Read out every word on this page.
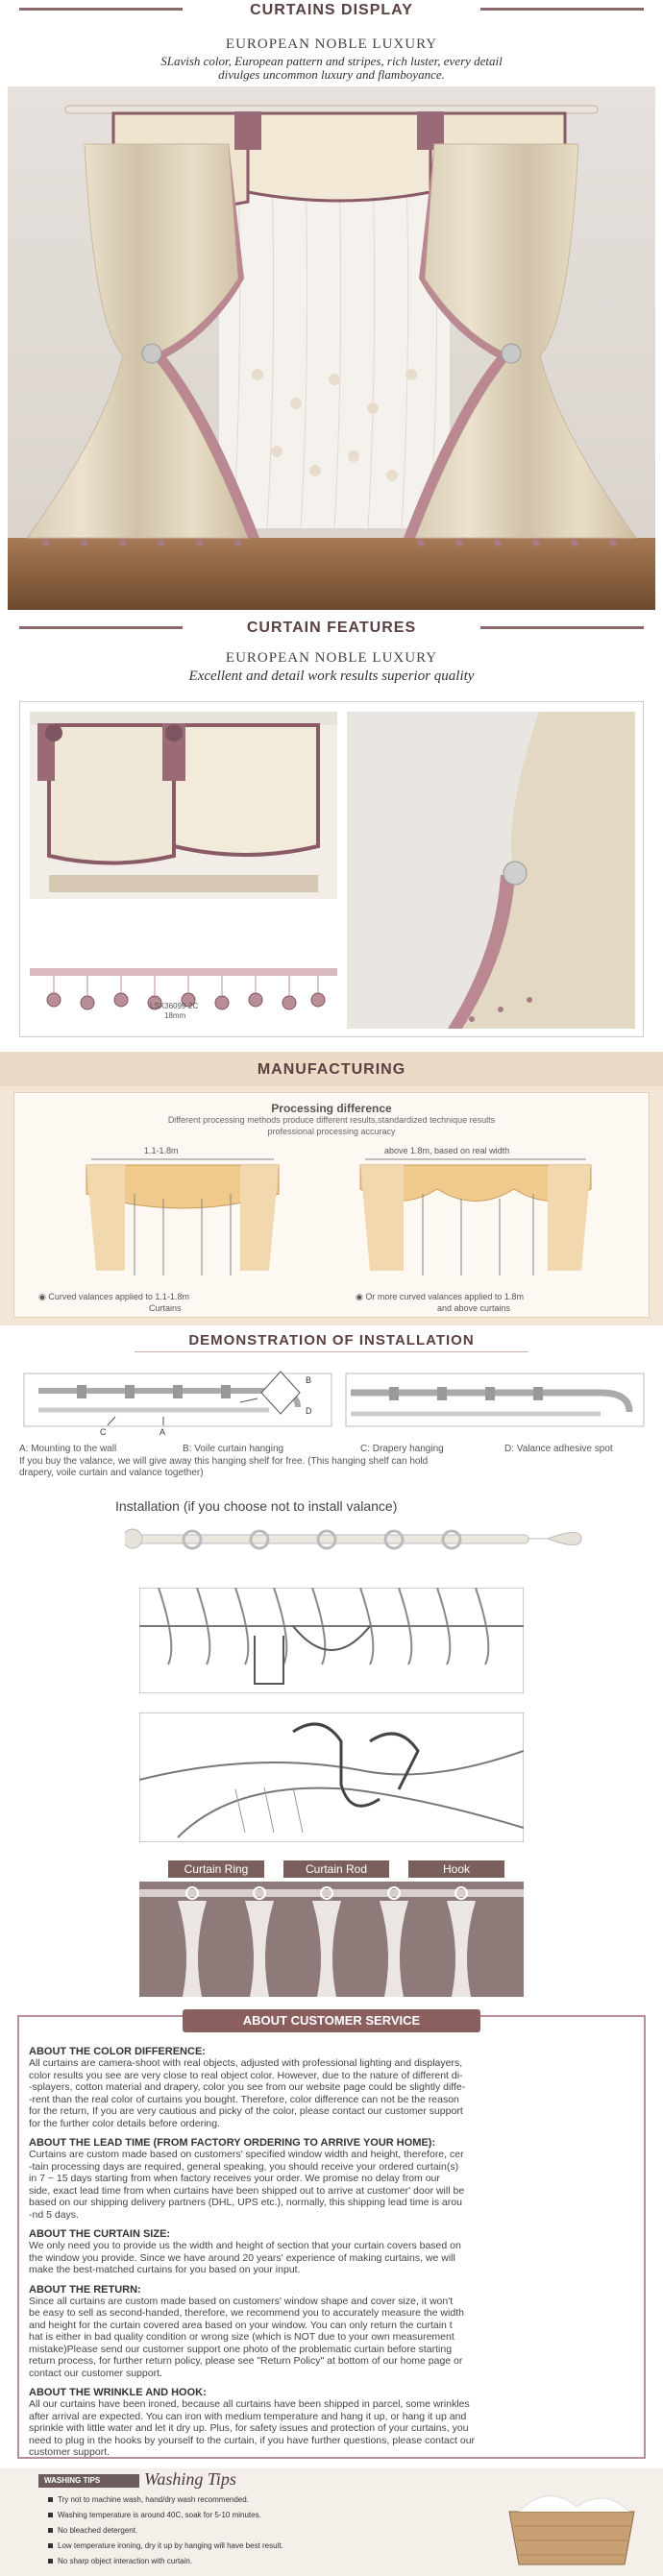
CURTAINS DISPLAY
EUROPEAN NOBLE LUXURY
SLavish color, European pattern and stripes, rich luster, every detail
divulges uncommon luxury and flamboyance.
CURTAIN FEATURES
EUROPEAN NOBLE LUXURY
Excellent and detail work results superior quality
LSX36099-2C
18mm
MANUFACTURING
Processing difference
Different processing methods produce different results,standardized technique results
professional processing accuracy
1.1-1.8m	above 1.8m, based on real width
◉ Curved valances applied to 1.1-1.8m
Curtains
◉ Or more curved valances applied to 1.8m
and above curtains
DEMONSTRATION OF INSTALLATION
C	A
B
D
A: Mounting to the wall	B: Voile curtain hanging	C: Drapery hanging	D: Valance adhesive spot
If you buy the valance, we will give away this hanging shelf for free. (This hanging shelf can hold
drapery, voile curtain and valance together)
Installation (if you choose not to install valance)
Curtain Ring	Curtain Rod	Hook
ABOUT CUSTOMER SERVICE
ABOUT THE COLOR DIFFERENCE:
All curtains are camera-shoot with real objects, adjusted with professional lighting and displayers,
color results you see are very close to real object color. However, due to the nature of different di-
-splayers, cotton material and drapery, color you see from our website page could be slightly diffe-
-rent than the real color of curtains you bought. Therefore, color difference can not be the reason
for the return, If you are very cautious and picky of the color, please contact our customer support
for the further color details before ordering.
ABOUT THE LEAD TIME (FROM FACTORY ORDERING TO ARRIVE YOUR HOME):
Curtains are custom made based on customers' specified window width and height, therefore, cer
-tain processing days are required, general speaking, you should receive your ordered curtain(s)
in 7 ~ 15 days starting from when factory receives your order. We promise no delay from our
side, exact lead time from when curtains have been shipped out to arrive at customer' door will be
based on our shipping delivery partners (DHL, UPS etc.), normally, this shipping lead time is arou
-nd 5 days.
ABOUT THE CURTAIN SIZE:
We only need you to provide us the width and height of section that your curtain covers based on
the window you provide. Since we have around 20 years' experience of making curtains, we will
make the best-matched curtains for you based on your input.
ABOUT THE RETURN:
Since all curtains are custom made based on customers' window shape and cover size, it won't
be easy to sell as second-handed, therefore, we recommend you to accurately measure the width
and height for the curtain covered area based on your window. You can only return the curtain t
hat is either in bad quality condition or wrong size (which is NOT due to your own measurement
mistake)Please send our customer support one photo of the problematic curtain before starting
return process, for further return policy, please see "Return Policy" at bottom of our home page or
contact our customer support.
ABOUT THE WRINKLE AND HOOK:
All our curtains have been ironed, because all curtains have been shipped in parcel, some wrinkles
after arrival are expected. You can iron with medium temperature and hang it up, or hang it up and
sprinkle with little water and let it dry up. Plus, for safety issues and protection of your curtains, you
need to plug in the hooks by yourself to the curtain, if you have further questions, please contact our
customer support.
WASHING TIPS	Washing Tips
Try not to machine wash, hand/dry wash recommended.
Washing temperature is around 40C, soak for 5-10 minutes.
No bleached detergent.
Low temperature ironing, dry it up by hanging will have best result.
No sharp object interaction with curtain.
